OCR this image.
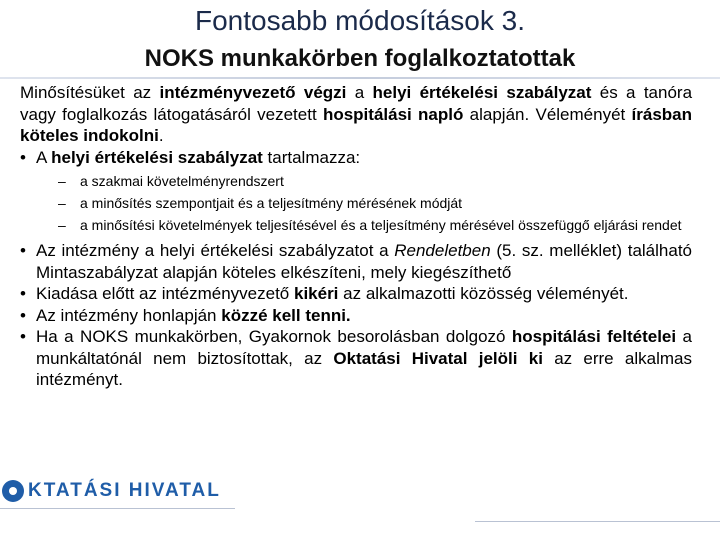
Fontosabb módosítások 3.
NOKS munkakörben foglalkoztatottak

Minősítésüket az intézményvezető végzi a helyi értékelési szabályzat és a tanóra vagy foglalkozás látogatásáról vezetett hospitálási napló alapján. Véleményét írásban köteles indokolni.

• A helyi értékelési szabályzat tartalmazza:

– a szakmai követelményrendszert
– a minősítés szempontjait és a teljesítmény mérésének módját
– a minősítési követelmények teljesítésével és a teljesítmény mérésével összefüggő eljárási rendet

• Az intézmény a helyi értékelési szabályzatot a Rendeletben (5. sz. melléklet) található Mintaszabályzat alapján köteles elkészíteni, mely kiegészíthető

• Kiadása előtt az intézményvezető kikéri az alkalmazotti közösség véleményét.

• Az intézmény honlapján közzé kell tenni.

• Ha a NOKS munkakörben, Gyakornok besorolásban dolgozó hospitálási feltételei a munkáltatónál nem biztosítottak, az Oktatási Hivatal jelöli ki az erre alkalmas intézményt.

KTATÁSI HIVATAL
